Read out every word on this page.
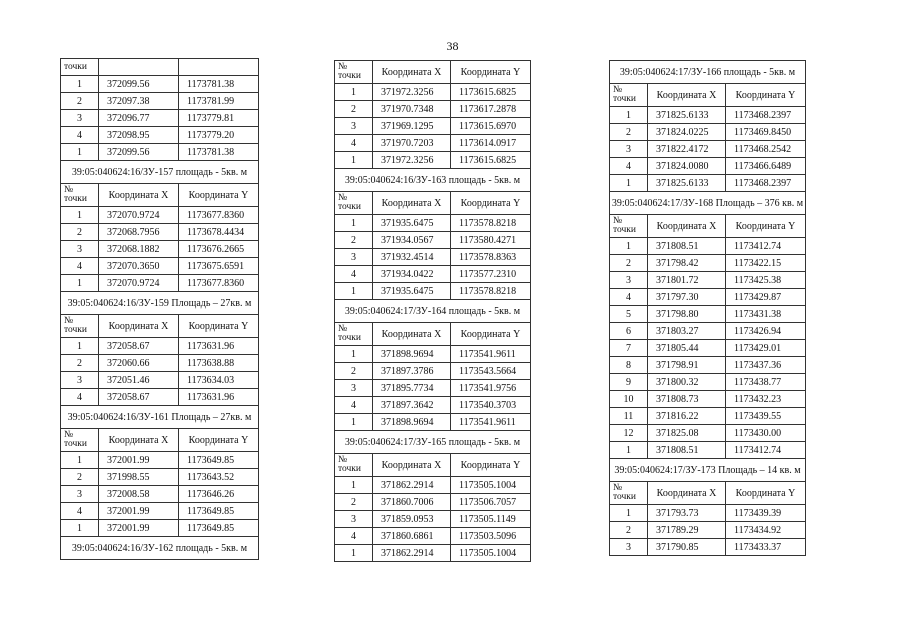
38
точки		
1	372099.56	1173781.38
2	372097.38	1173781.99
3	372096.77	1173779.81
4	372098.95	1173779.20
1	372099.56	1173781.38
39:05:040624:16/ЗУ-157 площадь - 5кв. м		
№ точки	Координата X	Координата Y
1	372070.9724	1173677.8360
2	372068.7956	1173678.4434
3	372068.1882	1173676.2665
4	372070.3650	1173675.6591
1	372070.9724	1173677.8360
39:05:040624:16/ЗУ-159 Площадь – 27кв. м		
№ точки	Координата X	Координата Y
1	372058.67	1173631.96
2	372060.66	1173638.88
3	372051.46	1173634.03
4	372058.67	1173631.96
39:05:040624:16/ЗУ-161 Площадь – 27кв. м		
№ точки	Координата X	Координата Y
1	372001.99	1173649.85
2	371998.55	1173643.52
3	372008.58	1173646.26
4	372001.99	1173649.85
1	372001.99	1173649.85
39:05:040624:16/ЗУ-162 площадь - 5кв. м		
№ точки	Координата X	Координата Y
1	371972.3256	1173615.6825
2	371970.7348	1173617.2878
3	371969.1295	1173615.6970
4	371970.7203	1173614.0917
1	371972.3256	1173615.6825
39:05:040624:16/ЗУ-163 площадь - 5кв. м		
№ точки	Координата X	Координата Y
1	371935.6475	1173578.8218
2	371934.0567	1173580.4271
3	371932.4514	1173578.8363
4	371934.0422	1173577.2310
1	371935.6475	1173578.8218
39:05:040624:17/ЗУ-164 площадь - 5кв. м		
№ точки	Координата X	Координата Y
1	371898.9694	1173541.9611
2	371897.3786	1173543.5664
3	371895.7734	1173541.9756
4	371897.3642	1173540.3703
1	371898.9694	1173541.9611
39:05:040624:17/ЗУ-165 площадь - 5кв. м		
№ точки	Координата X	Координата Y
1	371862.2914	1173505.1004
2	371860.7006	1173506.7057
3	371859.0953	1173505.1149
4	371860.6861	1173503.5096
1	371862.2914	1173505.1004
39:05:040624:17/ЗУ-166 площадь - 5кв. м		
№ точки	Координата X	Координата Y
1	371825.6133	1173468.2397
2	371824.0225	1173469.8450
3	371822.4172	1173468.2542
4	371824.0080	1173466.6489
1	371825.6133	1173468.2397
39:05:040624:17/ЗУ-168 Площадь – 376 кв. м		
№ точки	Координата X	Координата Y
1	371808.51	1173412.74
2	371798.42	1173422.15
3	371801.72	1173425.38
4	371797.30	1173429.87
5	371798.80	1173431.38
6	371803.27	1173426.94
7	371805.44	1173429.01
8	371798.91	1173437.36
9	371800.32	1173438.77
10	371808.73	1173432.23
11	371816.22	1173439.55
12	371825.08	1173430.00
1	371808.51	1173412.74
39:05:040624:17/ЗУ-173 Площадь – 14 кв. м		
№ точки	Координата X	Координата Y
1	371793.73	1173439.39
2	371789.29	1173434.92
3	371790.85	1173433.37
